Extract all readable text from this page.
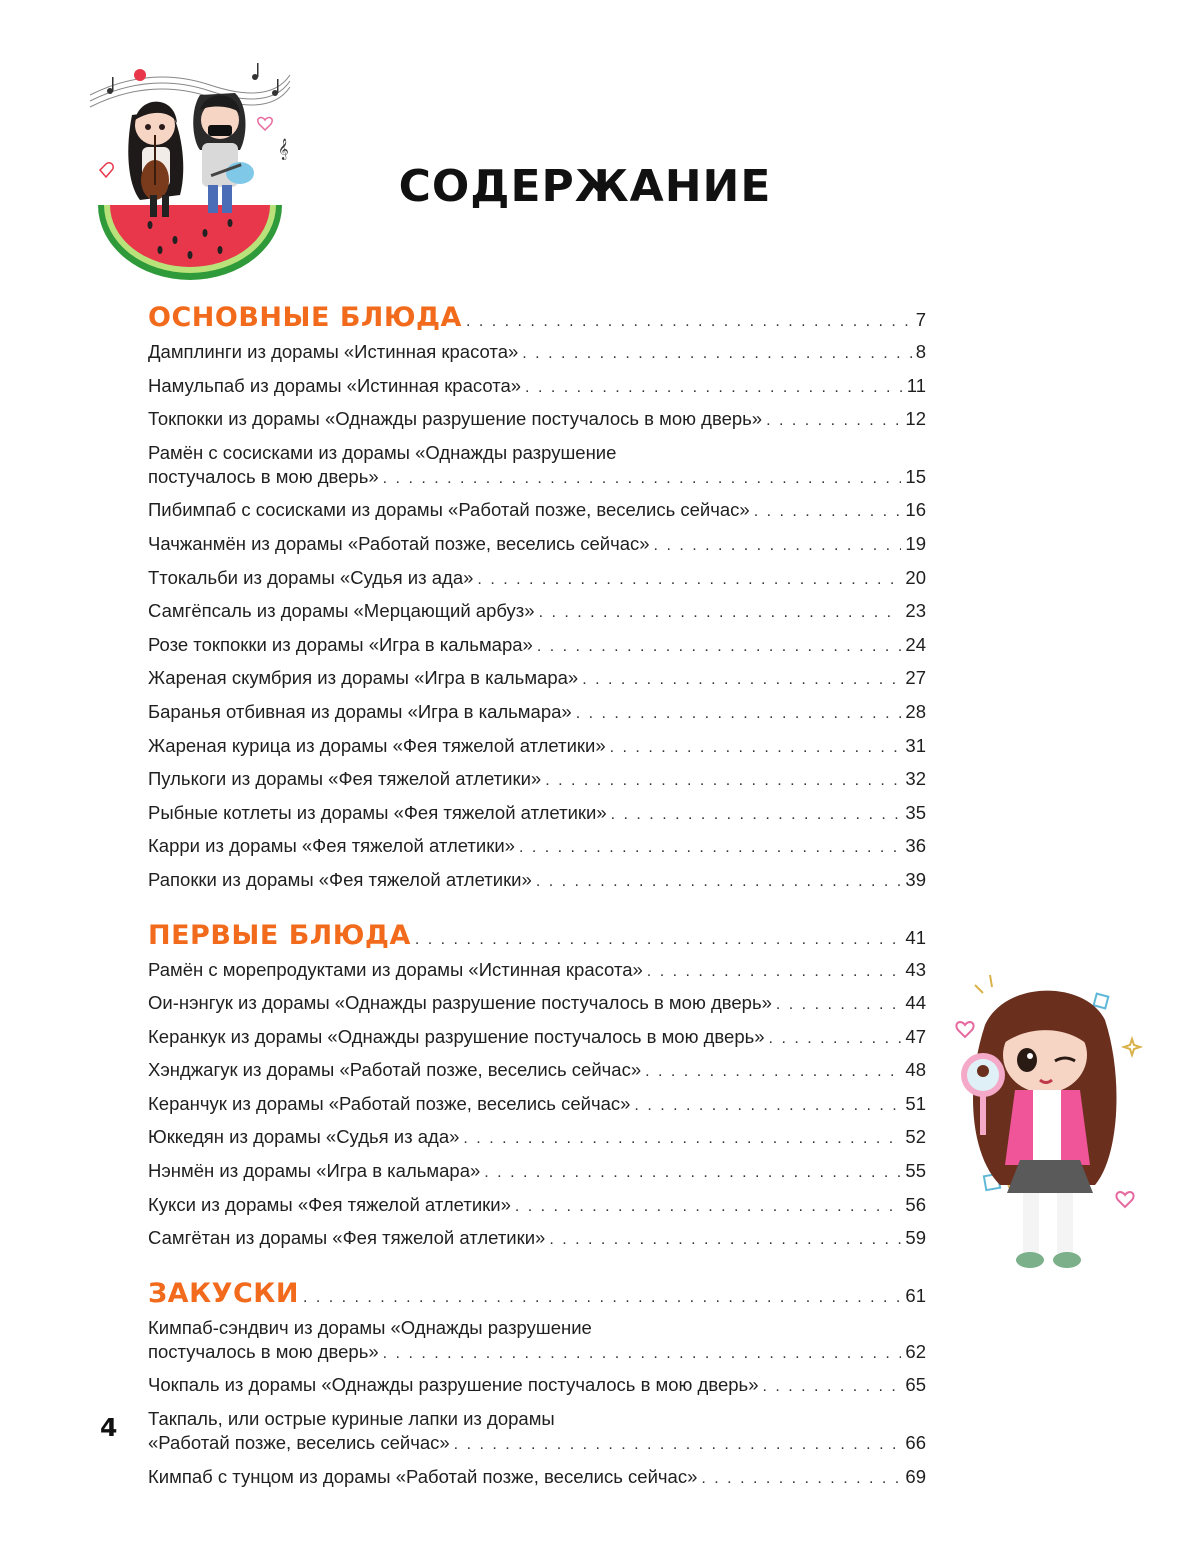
𝄞
СОДЕРЖАНИЕ
ОСНОВНЫЕ БЛЮДА . . .	7
Дамплинги из дорамы «Истинная красота» . . .	8
Намульпаб из дорамы «Истинная красота» . . .	11
Токпокки из дорамы «Однажды разрушение постучалось в мою дверь» . . .	12
Рамён с сосисками из дорамы «Однажды разрушение
постучалось в мою дверь» . . .	15
Пибимпаб с сосисками из дорамы «Работай позже, веселись сейчас» . . .	16
Чачжанмён из дорамы «Работай позже, веселись сейчас» . . .	19
Ттокальби из дорамы «Судья из ада» . . .	20
Самгёпсаль из дорамы «Мерцающий арбуз» . . .	23
Розе токпокки из дорамы «Игра в кальмара» . . .	24
Жареная скумбрия из дорамы «Игра в кальмара» . . .	27
Баранья отбивная из дорамы «Игра в кальмара» . . .	28
Жареная курица из дорамы «Фея тяжелой атлетики» . . .	31
Пулькоги из дорамы «Фея тяжелой атлетики» . . .	32
Рыбные котлеты из дорамы «Фея тяжелой атлетики» . . .	35
Карри из дорамы «Фея тяжелой атлетики» . . .	36
Рапокки из дорамы «Фея тяжелой атлетики» . . .	39
ПЕРВЫЕ БЛЮДА . . .	41
Рамён с морепродуктами из дорамы «Истинная красота» . . .	43
Ои-нэнгук из дорамы «Однажды разрушение постучалось в мою дверь» . . .	44
Керанкук из дорамы «Однажды разрушение постучалось в мою дверь» . . .	47
Хэнджагук из дорамы «Работай позже, веселись сейчас» . . .	48
Керанчук из дорамы «Работай позже, веселись сейчас» . . .	51
Юккедян из дорамы «Судья из ада» . . .	52
Нэнмён из дорамы «Игра в кальмара» . . .	55
Кукси из дорамы «Фея тяжелой атлетики» . . .	56
Самгётан из дорамы «Фея тяжелой атлетики» . . .	59
ЗАКУСКИ . . .	61
Кимпаб-сэндвич из дорамы «Однажды разрушение
постучалось в мою дверь» . . .	62
Чокпаль из дорамы «Однажды разрушение постучалось в мою дверь» . . .	65
Такпаль, или острые куриные лапки из дорамы
«Работай позже, веселись сейчас» . . .	66
Кимпаб с тунцом из дорамы «Работай позже, веселись сейчас» . . .	69
4
